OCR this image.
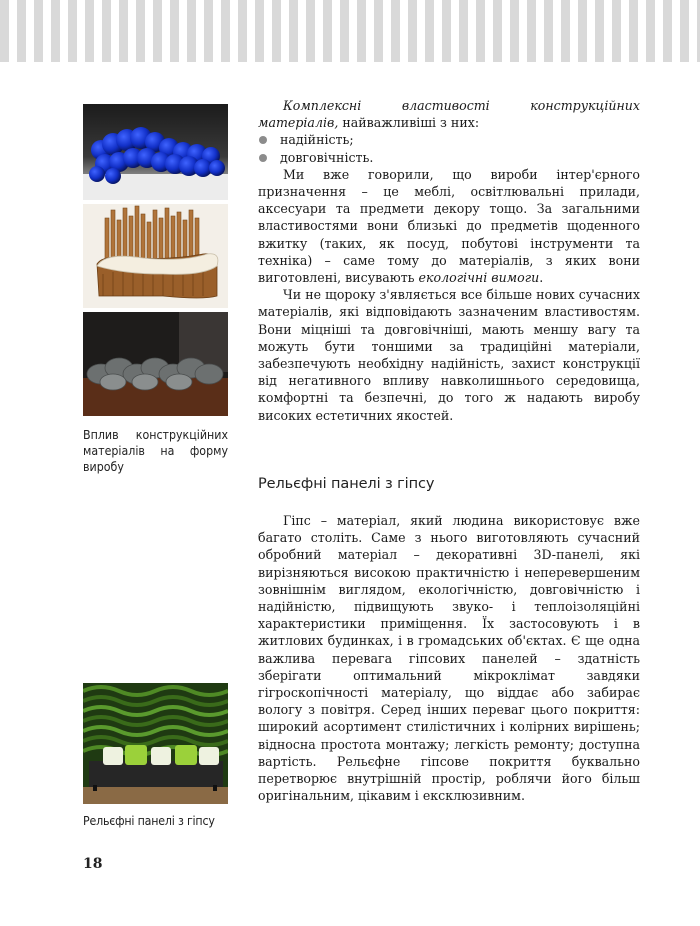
Вплив конструкційних матеріалів на форму виробу
Рельєфні панелі з гіпсу

Комплексні властивості конструкційних матеріалів, найважливіші з них:

надійність;
довговічність.

Ми вже говорили, що вироби інтер'єрного призначення – це меблі, освітлювальні прилади, аксесуари та предмети декору тощо. За загальними властивостями вони близькі до предметів щоденного вжитку (таких, як посуд, побутові інструменти та техніка) – саме тому до матеріалів, з яких вони виготовлені, висувають екологічні вимоги.

Чи не щороку з'являється все більше нових сучасних матеріалів, які відповідають зазначеним властивостям. Вони міцніші та довговічніші, мають меншу вагу та можуть бути тоншими за традиційні матеріали, забезпечують необхідну надійність, захист конструкції від негативного впливу навколишнього середовища, комфортні та безпечні, до того ж надають виробу високих естетичних якостей.

Рельєфні панелі з гіпсу

Гіпс – матеріал, який людина використовує вже багато століть. Саме з нього виготовляють сучасний обробний матеріал – декоративні 3D-панелі, які вирізняються високою практичністю і неперевершеним зовнішнім виглядом, екологічністю, довговічністю і надійністю, підвищують звуко- і теплоізоляційні характеристики приміщення. Їх застосовують і в житлових будинках, і в громадських об'єктах. Є ще одна важлива перевага гіпсових панелей – здатність зберігати оптимальний мікроклімат завдяки гігроскопічності матеріалу, що віддає або забирає вологу з повітря. Серед інших переваг цього покриття: широкий асортимент стилістичних і колірних вирішень; відносна простота монтажу; легкість ремонту; доступна вартість. Рельєфне гіпсове покриття буквально перетворює внутрішній простір, роблячи його більш оригінальним, цікавим і ексклюзивним.

18
